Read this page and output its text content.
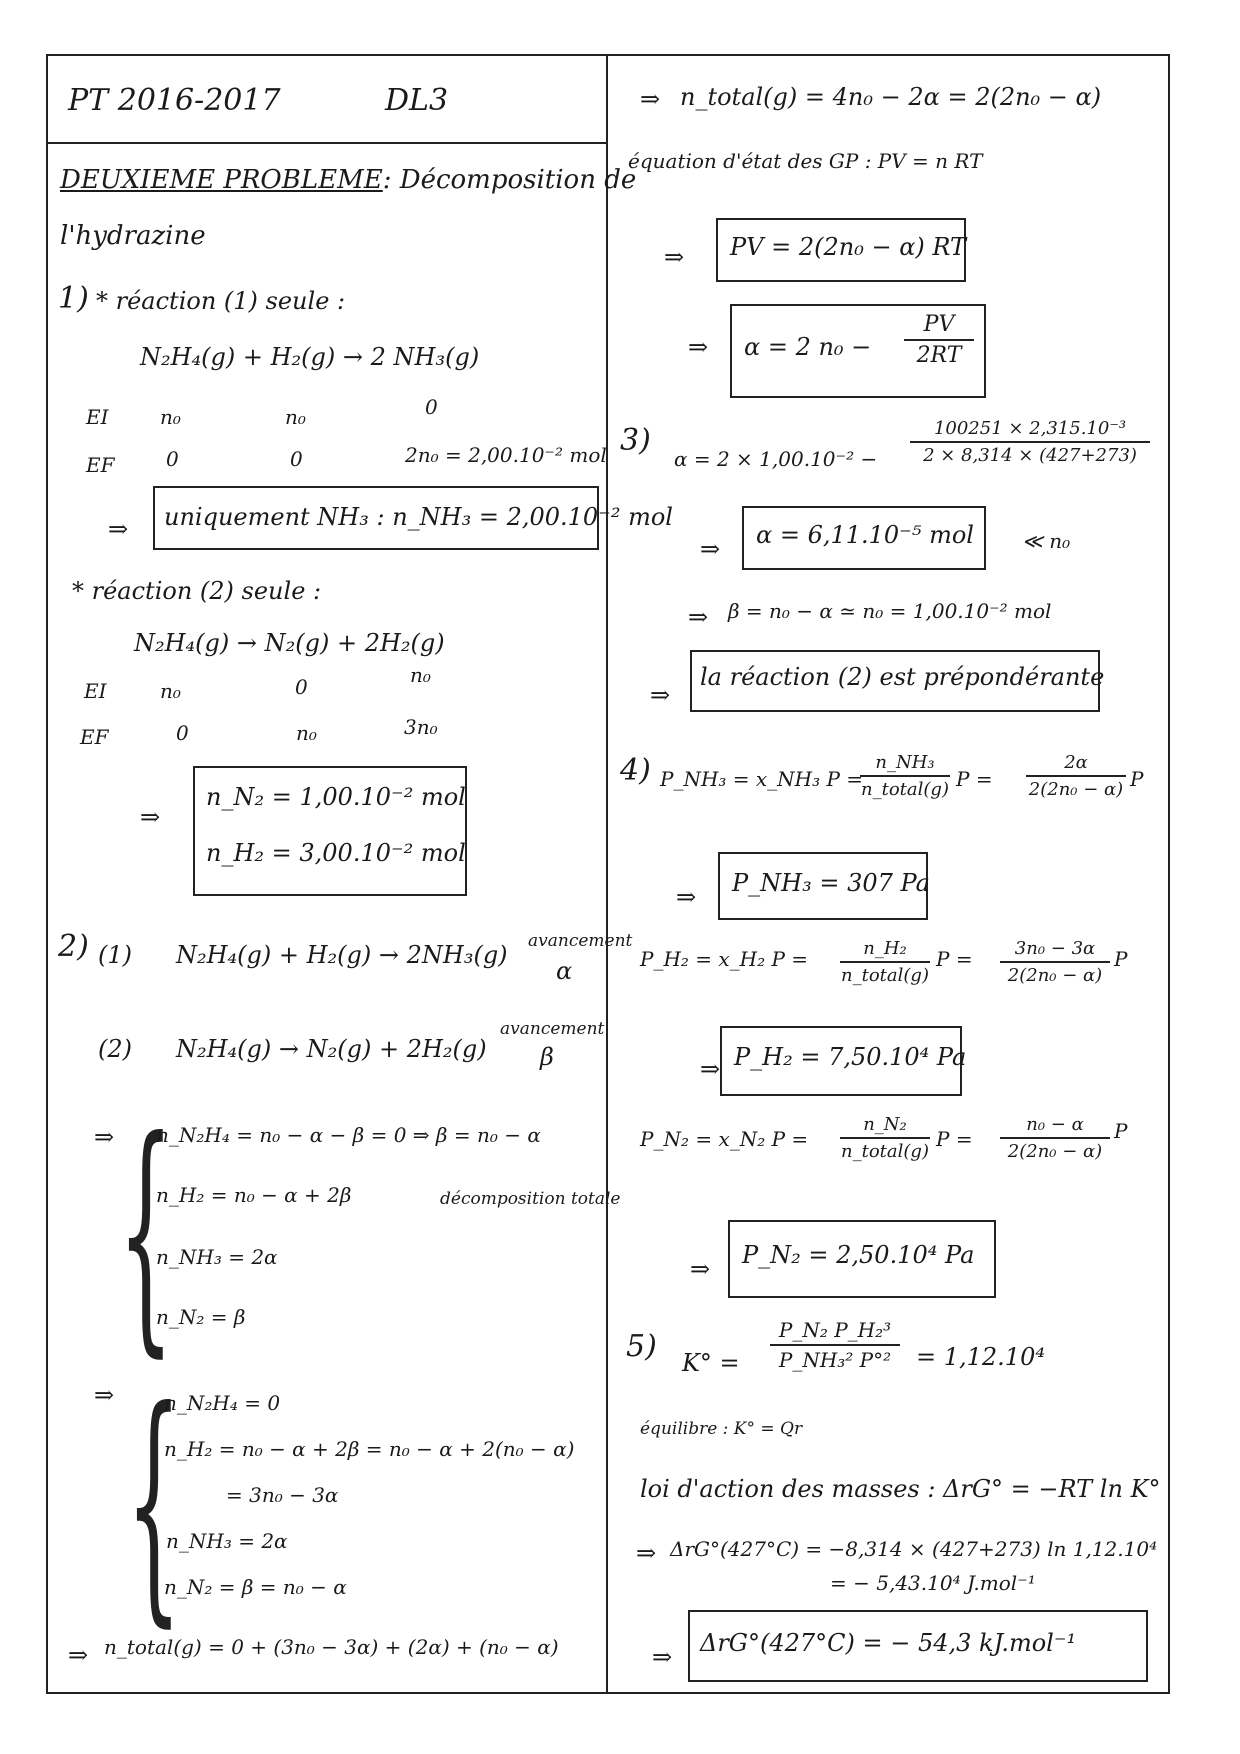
PT 2016-2017	DL3
DEUXIEME PROBLEME: Décomposition de
l'hydrazine
1) * réaction (1) seule :
N₂H₄(g) + H₂(g) → 2 NH₃(g)
EI	n₀	n₀	0
EF	0	0	2n₀ = 2,00.10⁻² mol
⇒ uniquement NH₃ : n_NH₃ = 2,00.10⁻² mol
* réaction (2) seule :
N₂H₄(g) → N₂(g) + 2H₂(g)
EI	n₀	0	n₀
EF	0	n₀	3n₀
⇒
n_N₂ = 1,00.10⁻² mol
n_H₂ = 3,00.10⁻² mol
2) (1) N₂H₄(g) + H₂(g) → 2NH₃(g) avancement
α
(2) N₂H₄(g) → N₂(g) + 2H₂(g)
avancement
β
⇒ {
n_N₂H₄ = n₀ − α − β = 0 ⇒ β = n₀ − α
n_H₂ = n₀ − α + 2β	décomposition totale
n_NH₃ = 2α
n_N₂ = β
⇒ {
n_N₂H₄ = 0
n_H₂ = n₀ − α + 2β = n₀ − α + 2(n₀ − α)
= 3n₀ − 3α
n_NH₃ = 2α
n_N₂ = β = n₀ − α
⇒ n_total(g) = 0 + (3n₀ − 3α) + (2α) + (n₀ − α)
⇒ n_total(g) = 4n₀ − 2α = 2(2n₀ − α)
équation d'état des GP : PV = n RT
⇒ PV = 2(2n₀ − α) RT
⇒ α = 2 n₀ −
PV
2RT
3)
α = 2 × 1,00.10⁻² −
100251 × 2,315.10⁻³
2 × 8,314 × (427+273)
⇒ α = 6,11.10⁻⁵ mol ≪ n₀
⇒ β = n₀ − α ≃ n₀ = 1,00.10⁻² mol
⇒
la réaction (2) est prépondérante
4) P_NH₃ = x_NH₃ P =
n_NH₃
n_total(g) P =
2α
2(2n₀ − α) P
⇒ P_NH₃ = 307 Pa
P_H₂ = x_H₂ P =	n_H₂
n_total(g)
P = 3n₀ − 3α
2(2n₀ − α)
P
⇒ P_H₂ = 7,50.10⁴ Pa
P_N₂ = x_N₂ P =
n_N₂
n_total(g)
P =
n₀ − α
2(2n₀ − α)
P
⇒ P_N₂ = 2,50.10⁴ Pa
5) K° =
P_N₂ P_H₂³
P_NH₃² P°² = 1,12.10⁴
équilibre : K° = Qr
loi d'action des masses : ΔrG° = −RT ln K°
⇒ ΔrG°(427°C) = −8,314 × (427+273) ln 1,12.10⁴
= − 5,43.10⁴ J.mol⁻¹
⇒ ΔrG°(427°C) = − 54,3 kJ.mol⁻¹
